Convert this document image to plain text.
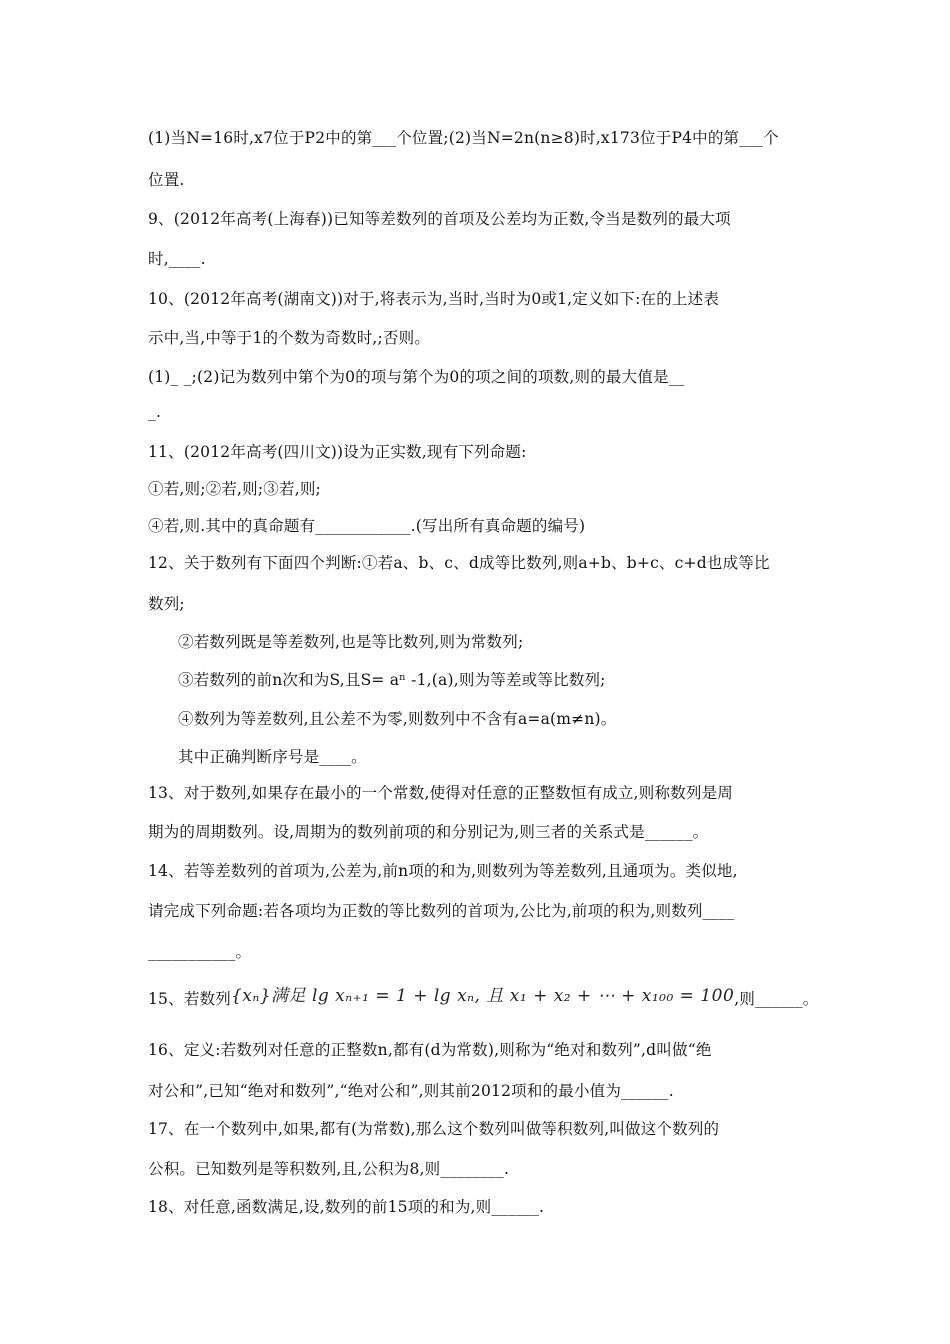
(1)当N=16时,x7位于P2中的第___个位置;(2)当N=2n(n≥8)时,x173位于P4中的第___个
位置.
9、(2012年高考(上海春))已知等差数列的首项及公差均为正数,令当是数列的最大项
时,____.
10、(2012年高考(湖南文))对于,将表示为,当时,当时为0或1,定义如下:在的上述表
示中,当,中等于1的个数为奇数时,;否则。
(1)_ _;(2)记为数列中第个为0的项与第个为0的项之间的项数,则的最大值是__
_.
11、(2012年高考(四川文))设为正实数,现有下列命题:
①若,则;②若,则;③若,则;
④若,则.其中的真命题有____________.(写出所有真命题的编号)
12、关于数列有下面四个判断:①若a、b、c、d成等比数列,则a+b、b+c、c+d也成等比
数列;
②若数列既是等差数列,也是等比数列,则为常数列;
③若数列的前n次和为S,且S= aⁿ -1,(a),则为等差或等比数列;
④数列为等差数列,且公差不为零,则数列中不含有a=a(m≠n)。
其中正确判断序号是____。
13、对于数列,如果存在最小的一个常数,使得对任意的正整数恒有成立,则称数列是周
期为的周期数列。设,周期为的数列前项的和分别记为,则三者的关系式是______。
14、若等差数列的首项为,公差为,前n项的和为,则数列为等差数列,且通项为。类似地,
请完成下列命题:若各项均为正数的等比数列的首项为,公比为,前项的积为,则数列____
___________。
15、若数列{xₙ}满足 lg xₙ₊₁ = 1 + lg xₙ, 且 x₁ + x₂ + ⋯ + x₁₀₀ = 100,则______。
16、定义:若数列对任意的正整数n,都有(d为常数),则称为“绝对和数列”,d叫做“绝
对公和”,已知“绝对和数列”,“绝对公和”,则其前2012项和的最小值为______.
17、在一个数列中,如果,都有(为常数),那么这个数列叫做等积数列,叫做这个数列的
公积。已知数列是等积数列,且,公积为8,则________.
18、对任意,函数满足,设,数列的前15项的和为,则______.
